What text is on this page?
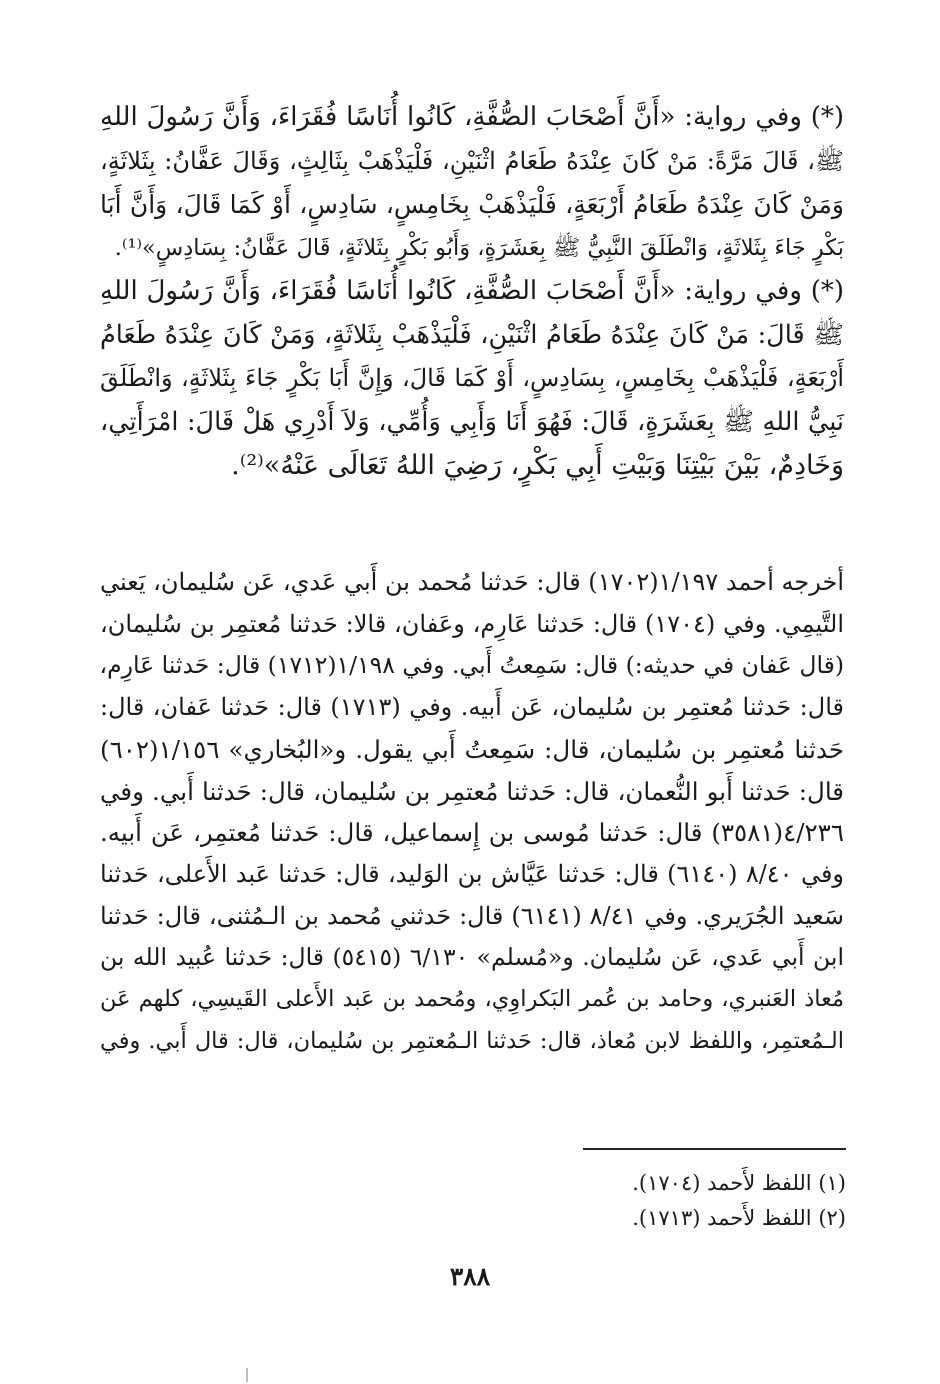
(*) وفي رواية: «أَنَّ أَصْحَابَ الصُّفَّةِ، كَانُوا أُنَاسًا فُقَرَاءَ، وَأَنَّ رَسُولَ اللهِ
ﷺ، قَالَ مَرَّةً: مَنْ كَانَ عِنْدَهُ طَعَامُ اثْنَيْنِ، فَلْيَذْهَبْ بِثَالِثٍ، وَقَالَ عَفَّانُ: بِثَلاثَةٍ،
وَمَنْ كَانَ عِنْدَهُ طَعَامُ أَرْبَعَةٍ، فَلْيَذْهَبْ بِخَامِسٍ، سَادِسٍ، أَوْ كَمَا قَالَ، وَأَنَّ أَبَا
بَكْرٍ جَاءَ بِثَلاثَةٍ، وَانْطَلَقَ النَّبِيُّ ﷺ بِعَشَرَةٍ، وَأَبُو بَكْرٍ بِثَلاثَةٍ، قَالَ عَفَّانُ: بِسَادِسٍ»⁽¹⁾.

(*) وفي رواية: «أَنَّ أَصْحَابَ الصُّفَّةِ، كَانُوا أُنَاسًا فُقَرَاءَ، وَأَنَّ رَسُولَ اللهِ
ﷺ قَالَ: مَنْ كَانَ عِنْدَهُ طَعَامُ اثْنَيْنِ، فَلْيَذْهَبْ بِثَلاثَةٍ، وَمَنْ كَانَ عِنْدَهُ طَعَامُ
أَرْبَعَةٍ، فَلْيَذْهَبْ بِخَامِسٍ، بِسَادِسٍ، أَوْ كَمَا قَالَ، وَإِنَّ أَبَا بَكْرٍ جَاءَ بِثَلاثَةٍ، وَانْطَلَقَ
نَبِيُّ اللهِ ﷺ بِعَشَرَةٍ، قَالَ: فَهُوَ أَنَا وَأَبِي وَأُمِّي، وَلاَ أَدْرِي هَلْ قَالَ: امْرَأَتِي،
وَخَادِمٌ، بَيْنَ بَيْتِنَا وَبَيْتِ أَبِي بَكْرٍ، رَضِيَ اللهُ تَعَالَى عَنْهُ»⁽²⁾.

أخرجه أحمد ١/١٩٧(١٧٠٢) قال: حَدثنا مُحمد بن أَبي عَدي، عَن سُليمان، يَعني
التَّيمِي. وفي (١٧٠٤) قال: حَدثنا عَارِم، وعَفان، قالا: حَدثنا مُعتمِر بن سُليمان،
(قال عَفان في حديثه:) قال: سَمِعتُ أَبي. وفي ١/١٩٨(١٧١٢) قال: حَدثنا عَارِم،
قال: حَدثنا مُعتمِر بن سُليمان، عَن أَبيه. وفي (١٧١٣) قال: حَدثنا عَفان، قال:
حَدثنا مُعتمِر بن سُليمان، قال: سَمِعتُ أَبي يقول. و«البُخاري» ١/١٥٦(٦٠٢)
قال: حَدثنا أَبو النُّعمان، قال: حَدثنا مُعتمِر بن سُليمان، قال: حَدثنا أَبي. وفي
٤/٢٣٦(٣٥٨١) قال: حَدثنا مُوسى بن إِسماعيل، قال: حَدثنا مُعتمِر، عَن أَبيه.
وفي ٨/٤٠ (٦١٤٠) قال: حَدثنا عَيَّاش بن الوَليد، قال: حَدثنا عَبد الأَعلى، حَدثنا
سَعيد الجُرَيري. وفي ٨/٤١ (٦١٤١) قال: حَدثني مُحمد بن الـمُثنى، قال: حَدثنا
ابن أَبي عَدي، عَن سُليمان. و«مُسلم» ٦/١٣٠ (٥٤١٥) قال: حَدثنا عُبيد الله بن
مُعاذ العَنبري، وحامد بن عُمر البَكراوِي، ومُحمد بن عَبد الأَعلى القَيسِي، كلهم عَن
الـمُعتمِر، واللفظ لابن مُعاذ، قال: حَدثنا الـمُعتمِر بن سُليمان، قال: قال أَبي. وفي

(١) اللفظ لأَحمد (١٧٠٤).
(٢) اللفظ لأَحمد (١٧١٣).
٣٨٨
